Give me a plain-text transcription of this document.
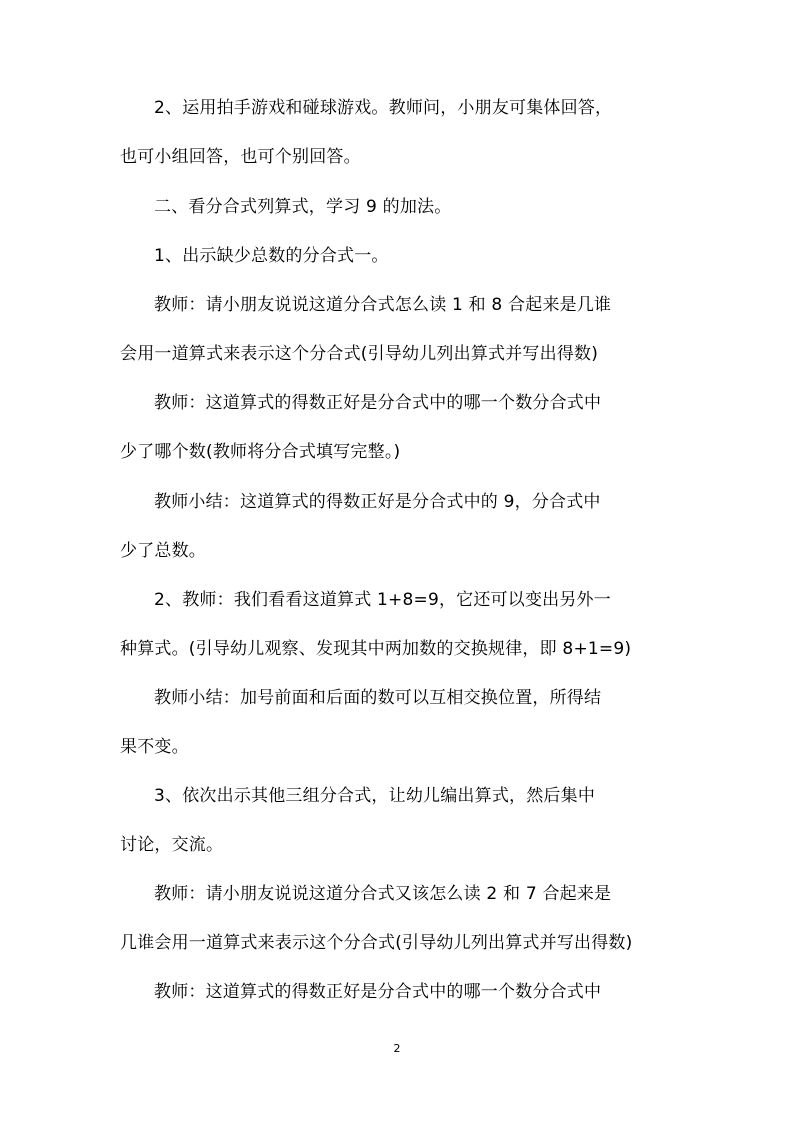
2、运用拍手游戏和碰球游戏。教师问，小朋友可集体回答，
也可小组回答，也可个别回答。
二、看分合式列算式，学习 9 的加法。
1、出示缺少总数的分合式一。
教师：请小朋友说说这道分合式怎么读 1 和 8 合起来是几谁
会用一道算式来表示这个分合式(引导幼儿列出算式并写出得数)
教师：这道算式的得数正好是分合式中的哪一个数分合式中
少了哪个数(教师将分合式填写完整。)
教师小结：这道算式的得数正好是分合式中的 9，分合式中
少了总数。
2、教师：我们看看这道算式 1+8=9，它还可以变出另外一
种算式。(引导幼儿观察、发现其中两加数的交换规律，即 8+1=9)
教师小结：加号前面和后面的数可以互相交换位置，所得结
果不变。
3、依次出示其他三组分合式，让幼儿编出算式，然后集中
讨论，交流。
教师：请小朋友说说这道分合式又该怎么读 2 和 7 合起来是
几谁会用一道算式来表示这个分合式(引导幼儿列出算式并写出得数)
教师：这道算式的得数正好是分合式中的哪一个数分合式中
2
